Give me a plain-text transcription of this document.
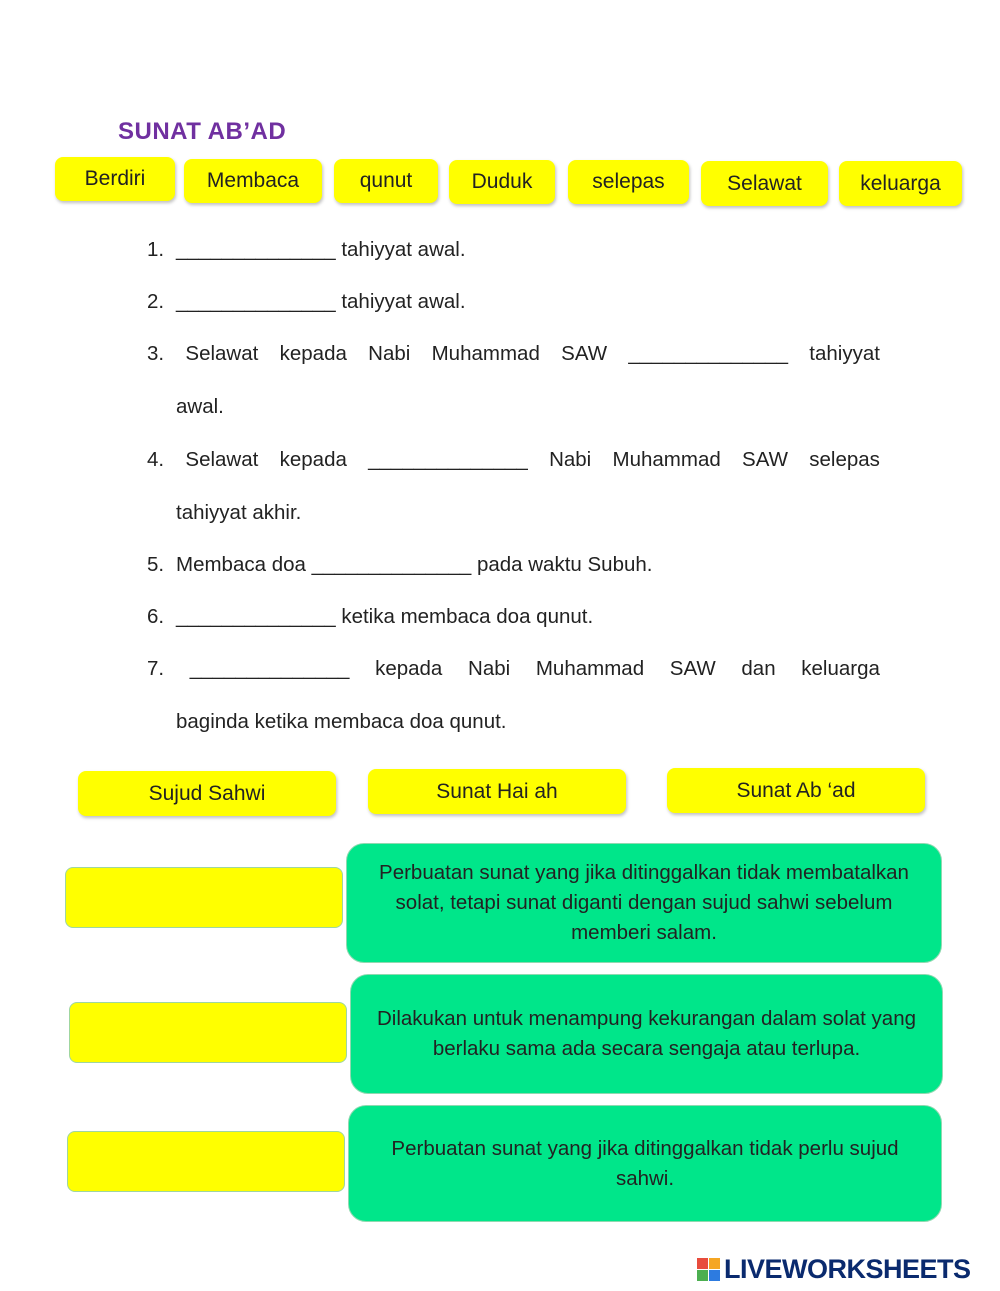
SUNAT AB’AD
Berdiri	Membaca	qunut	Duduk	selepas	Selawat	keluarga
1. ______________ tahiyyat awal.
2. ______________ tahiyyat awal.
3. Selawat kepada Nabi Muhammad SAW ______________ tahiyyat
awal.
4. Selawat kepada ______________ Nabi Muhammad SAW selepas
tahiyyat akhir.
5. Membaca doa ______________ pada waktu Subuh.
6. ______________ ketika membaca doa qunut.
7. ______________ kepada Nabi Muhammad SAW dan keluarga
baginda ketika membaca doa qunut.
Sujud Sahwi	Sunat Hai ah	Sunat Ab ‘ad
Perbuatan sunat yang jika ditinggalkan tidak membatalkan solat, tetapi sunat diganti dengan sujud sahwi sebelum memberi salam.
Dilakukan untuk menampung kekurangan dalam solat yang berlaku sama ada secara sengaja atau terlupa.
Perbuatan sunat yang jika ditinggalkan tidak perlu sujud sahwi.
LIVEWORKSHEETS
